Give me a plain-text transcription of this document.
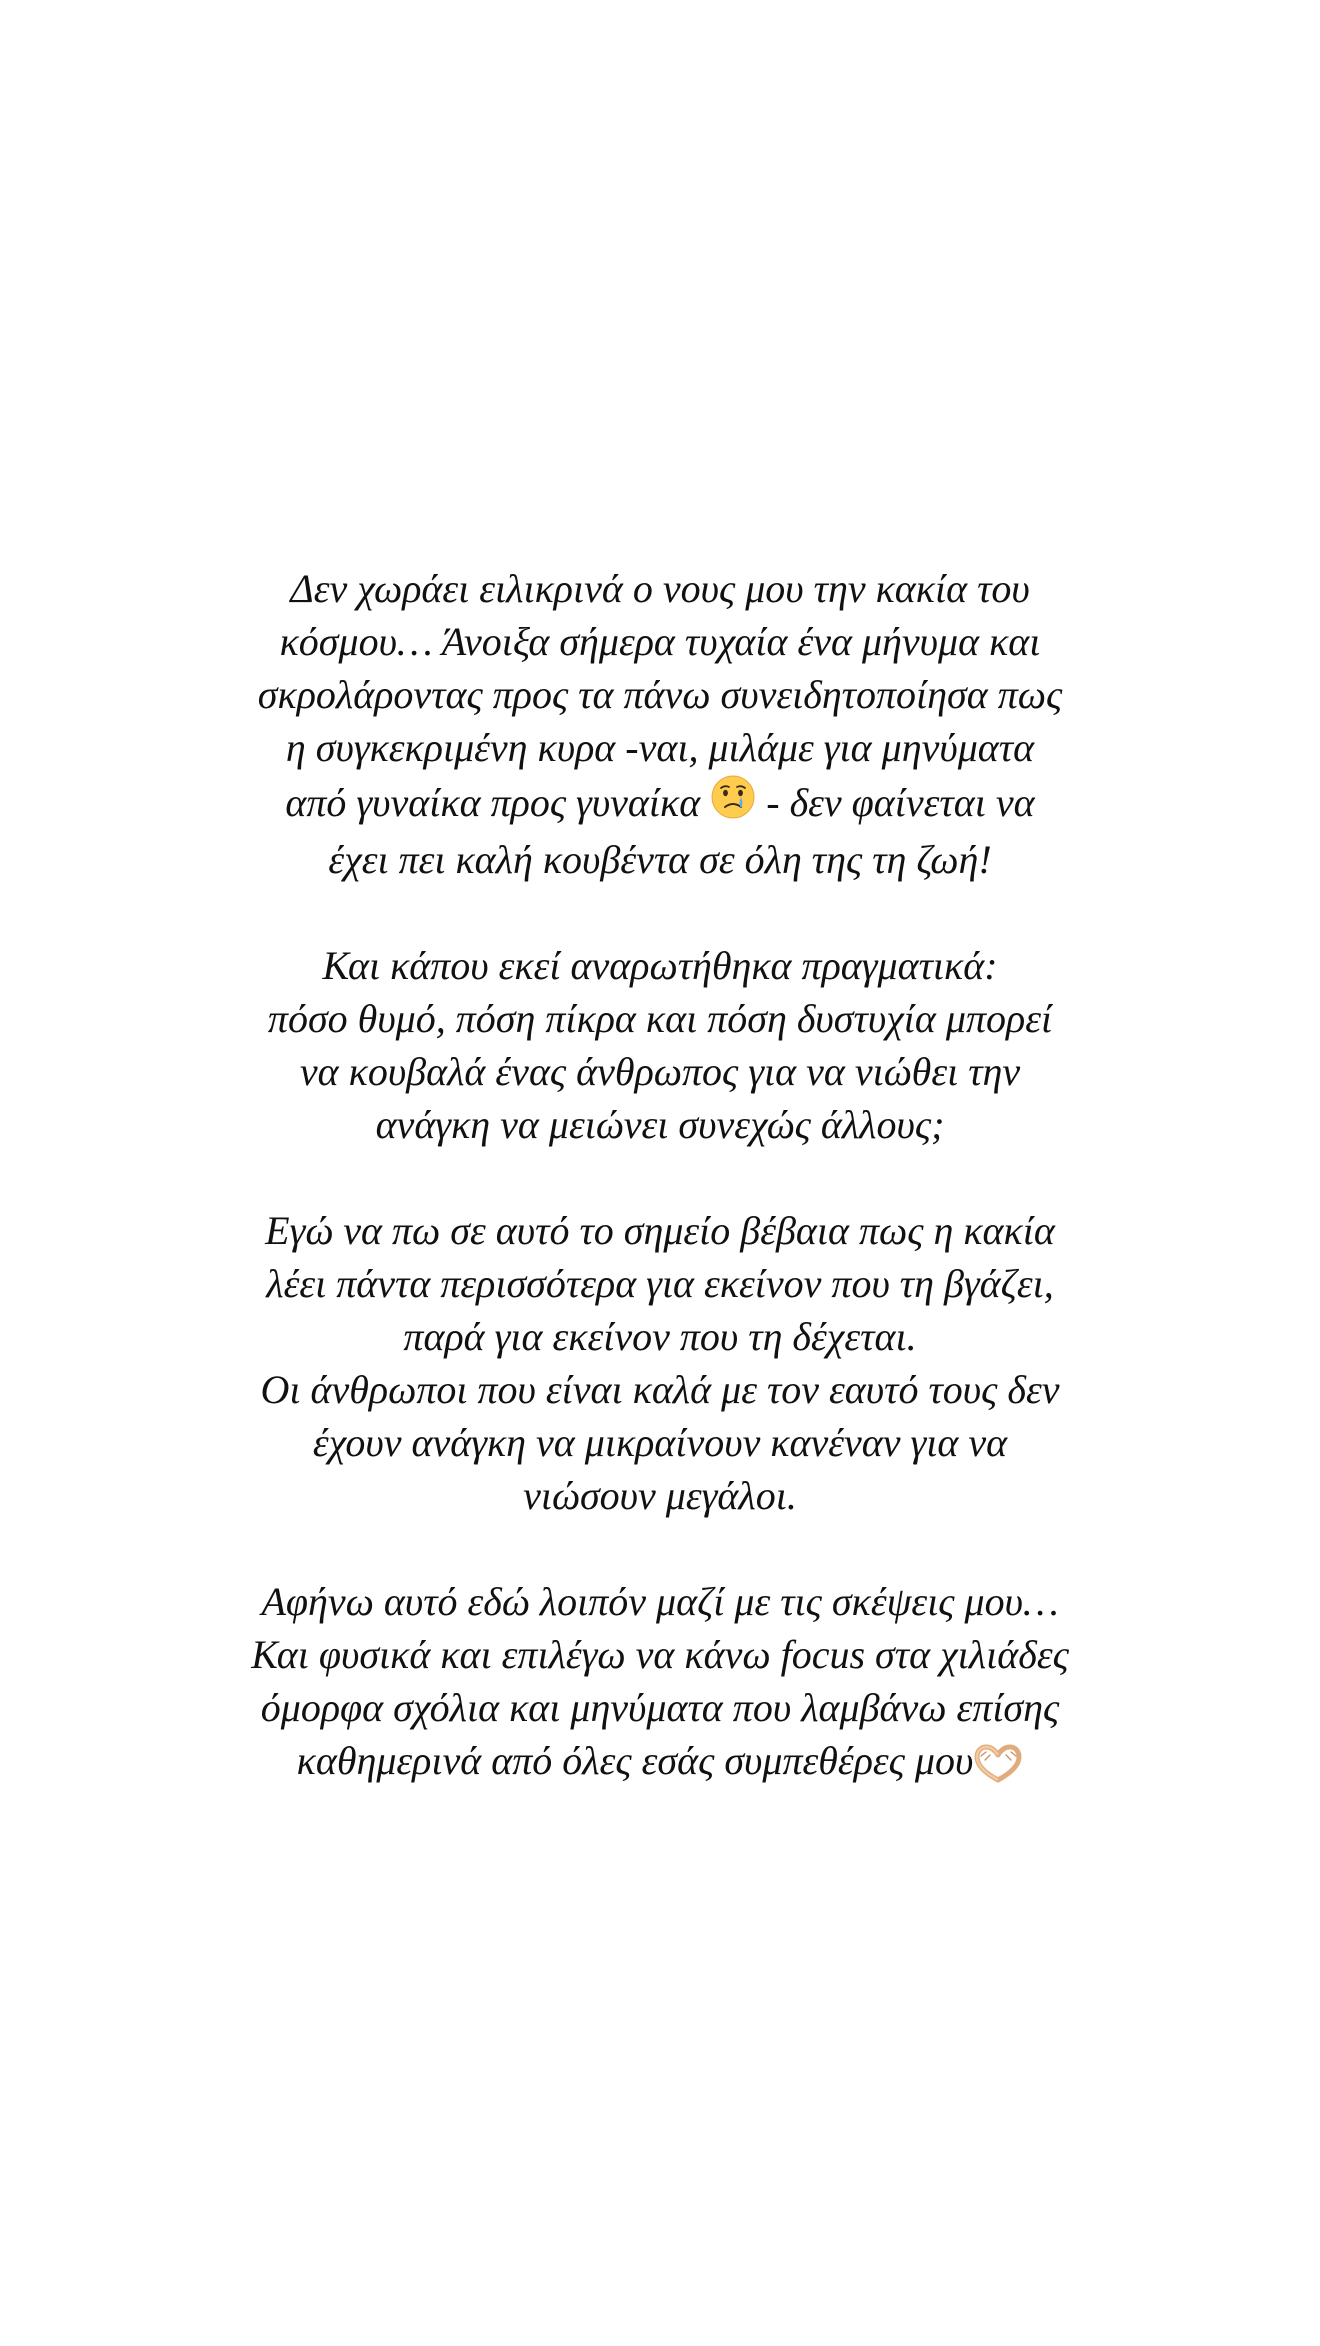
Δεν χωράει ειλικρινά ο νους μου την κακία του
κόσμου… Άνοιξα σήμερα τυχαία ένα μήνυμα και
σκρολάροντας προς τα πάνω συνειδητοποίησα πως
η συγκεκριμένη κυρα -ναι, μιλάμε για μηνύματα
από γυναίκα προς γυναίκα  - δεν φαίνεται να
έχει πει καλή κουβέντα σε όλη της τη ζωή!

Και κάπου εκεί αναρωτήθηκα πραγματικά:
πόσο θυμό, πόση πίκρα και πόση δυστυχία μπορεί
να κουβαλά ένας άνθρωπος για να νιώθει την
ανάγκη να μειώνει συνεχώς άλλους;

Εγώ να πω σε αυτό το σημείο βέβαια πως η κακία
λέει πάντα περισσότερα για εκείνον που τη βγάζει,
παρά για εκείνον που τη δέχεται.
Οι άνθρωποι που είναι καλά με τον εαυτό τους δεν
έχουν ανάγκη να μικραίνουν κανέναν για να
νιώσουν μεγάλοι.

Αφήνω αυτό εδώ λοιπόν μαζί με τις σκέψεις μου…
Και φυσικά και επιλέγω να κάνω focus στα χιλιάδες
όμορφα σχόλια και μηνύματα που λαμβάνω επίσης
καθημερινά από όλες εσάς συμπεθέρες μου
